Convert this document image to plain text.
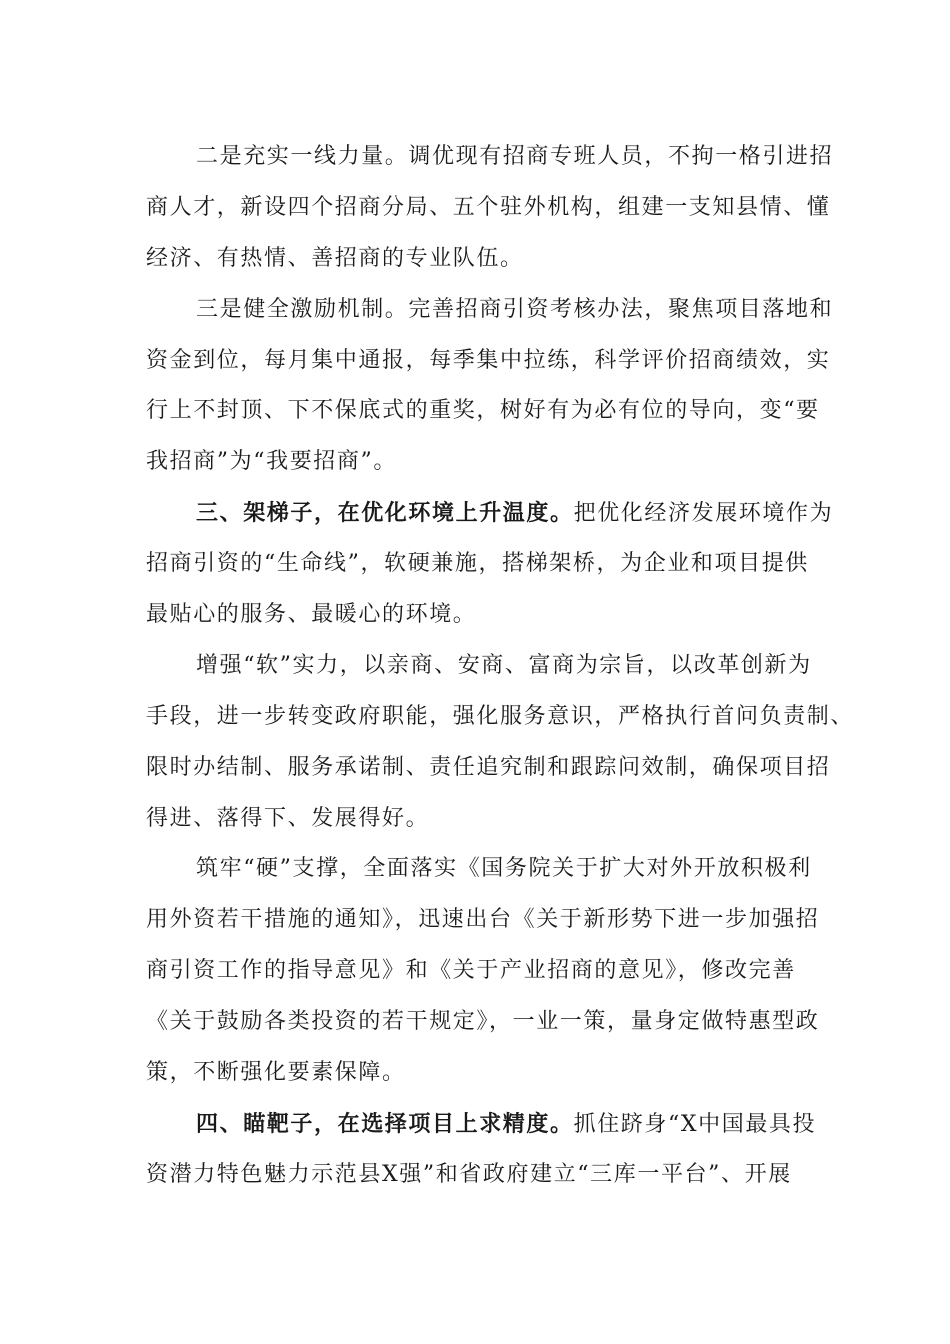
二是充实一线力量。调优现有招商专班人员，不拘一格引进招
商人才，新设四个招商分局、五个驻外机构，组建一支知县情、懂
经济、有热情、善招商的专业队伍。
三是健全激励机制。完善招商引资考核办法，聚焦项目落地和
资金到位，每月集中通报，每季集中拉练，科学评价招商绩效，实
行上不封顶、下不保底式的重奖，树好有为必有位的导向，变“要
我招商”为“我要招商”。
三、架梯子，在优化环境上升温度。把优化经济发展环境作为
招商引资的“生命线”，软硬兼施，搭梯架桥，为企业和项目提供
最贴心的服务、最暖心的环境。
增强“软”实力，以亲商、安商、富商为宗旨，以改革创新为
手段，进一步转变政府职能，强化服务意识，严格执行首问负责制、
限时办结制、服务承诺制、责任追究制和跟踪问效制，确保项目招
得进、落得下、发展得好。
筑牢“硬”支撑，全面落实《国务院关于扩大对外开放积极利
用外资若干措施的通知》，迅速出台《关于新形势下进一步加强招
商引资工作的指导意见》和《关于产业招商的意见》，修改完善
《关于鼓励各类投资的若干规定》，一业一策，量身定做特惠型政
策，不断强化要素保障。
四、瞄靶子，在选择项目上求精度。抓住跻身“X中国最具投
资潜力特色魅力示范县X强”和省政府建立“三库一平台”、开展
